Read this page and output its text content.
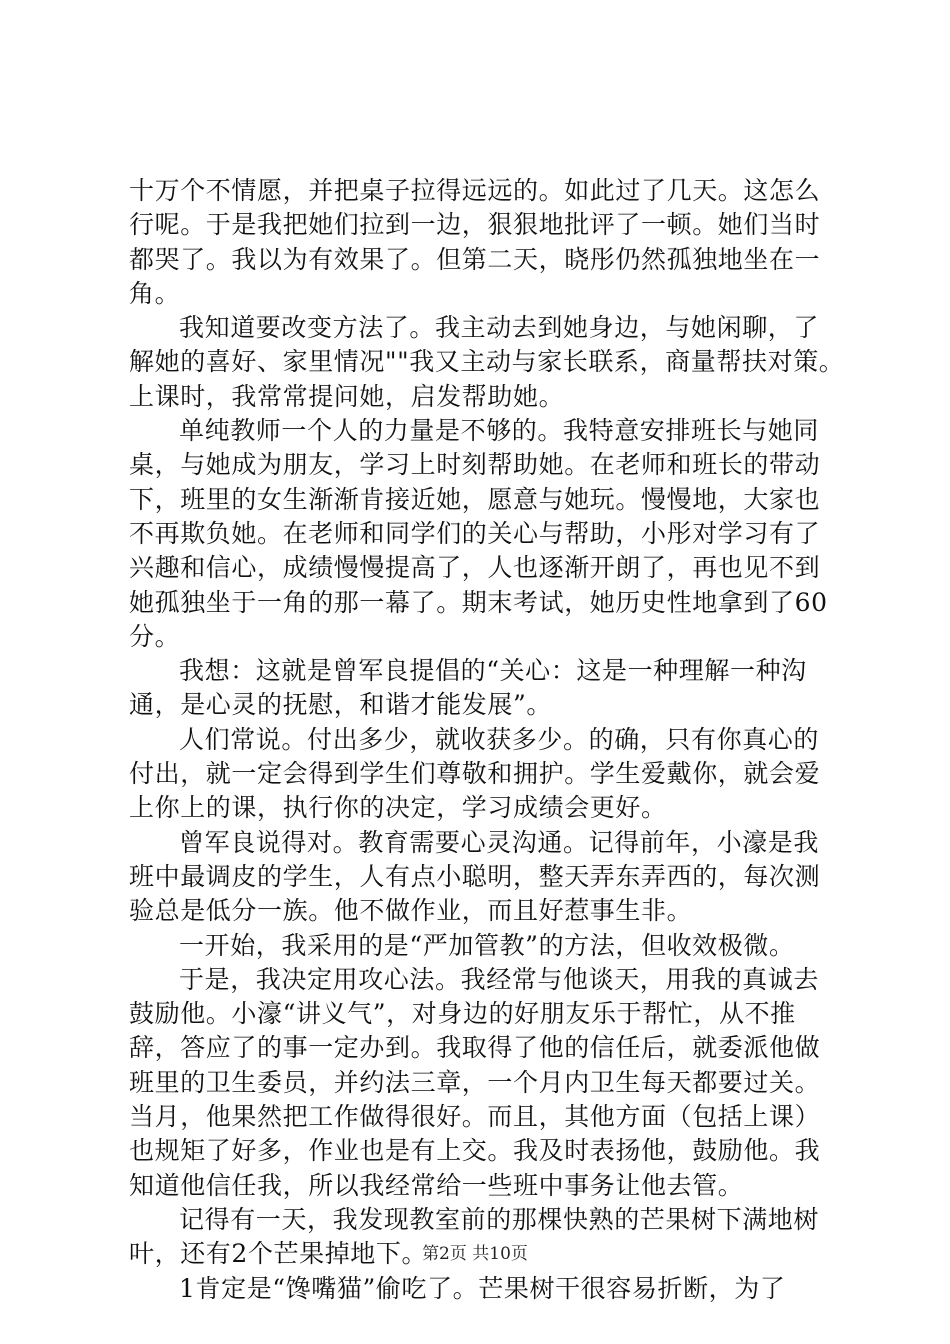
十万个不情愿，并把桌子拉得远远的。如此过了几天。这怎么
行呢。于是我把她们拉到一边，狠狠地批评了一顿。她们当时
都哭了。我以为有效果了。但第二天，晓彤仍然孤独地坐在一
角。
我知道要改变方法了。我主动去到她身边，与她闲聊，了
解她的喜好、家里情况""我又主动与家长联系，商量帮扶对策。
上课时，我常常提问她，启发帮助她。
单纯教师一个人的力量是不够的。我特意安排班长与她同
桌，与她成为朋友，学习上时刻帮助她。在老师和班长的带动
下，班里的女生渐渐肯接近她，愿意与她玩。慢慢地，大家也
不再欺负她。在老师和同学们的关心与帮助，小彤对学习有了
兴趣和信心，成绩慢慢提高了，人也逐渐开朗了，再也见不到
她孤独坐于一角的那一幕了。期末考试，她历史性地拿到了60
分。
我想：这就是曾军良提倡的“关心：这是一种理解一种沟
通，是心灵的抚慰，和谐才能发展”。
人们常说。付出多少，就收获多少。的确，只有你真心的
付出，就一定会得到学生们尊敬和拥护。学生爱戴你，就会爱
上你上的课，执行你的决定，学习成绩会更好。
曾军良说得对。教育需要心灵沟通。记得前年，小濠是我
班中最调皮的学生，人有点小聪明，整天弄东弄西的，每次测
验总是低分一族。他不做作业，而且好惹事生非。
一开始，我采用的是“严加管教”的方法，但收效极微。
于是，我决定用攻心法。我经常与他谈天，用我的真诚去
鼓励他。小濠“讲义气”，对身边的好朋友乐于帮忙，从不推
辞，答应了的事一定办到。我取得了他的信任后，就委派他做
班里的卫生委员，并约法三章，一个月内卫生每天都要过关。
当月，他果然把工作做得很好。而且，其他方面（包括上课）
也规矩了好多，作业也是有上交。我及时表扬他，鼓励他。我
知道他信任我，所以我经常给一些班中事务让他去管。
记得有一天，我发现教室前的那棵快熟的芒果树下满地树
叶，还有2个芒果掉地下。
1肯定是“馋嘴猫”偷吃了。芒果树干很容易折断，为了
第2页 共10页
